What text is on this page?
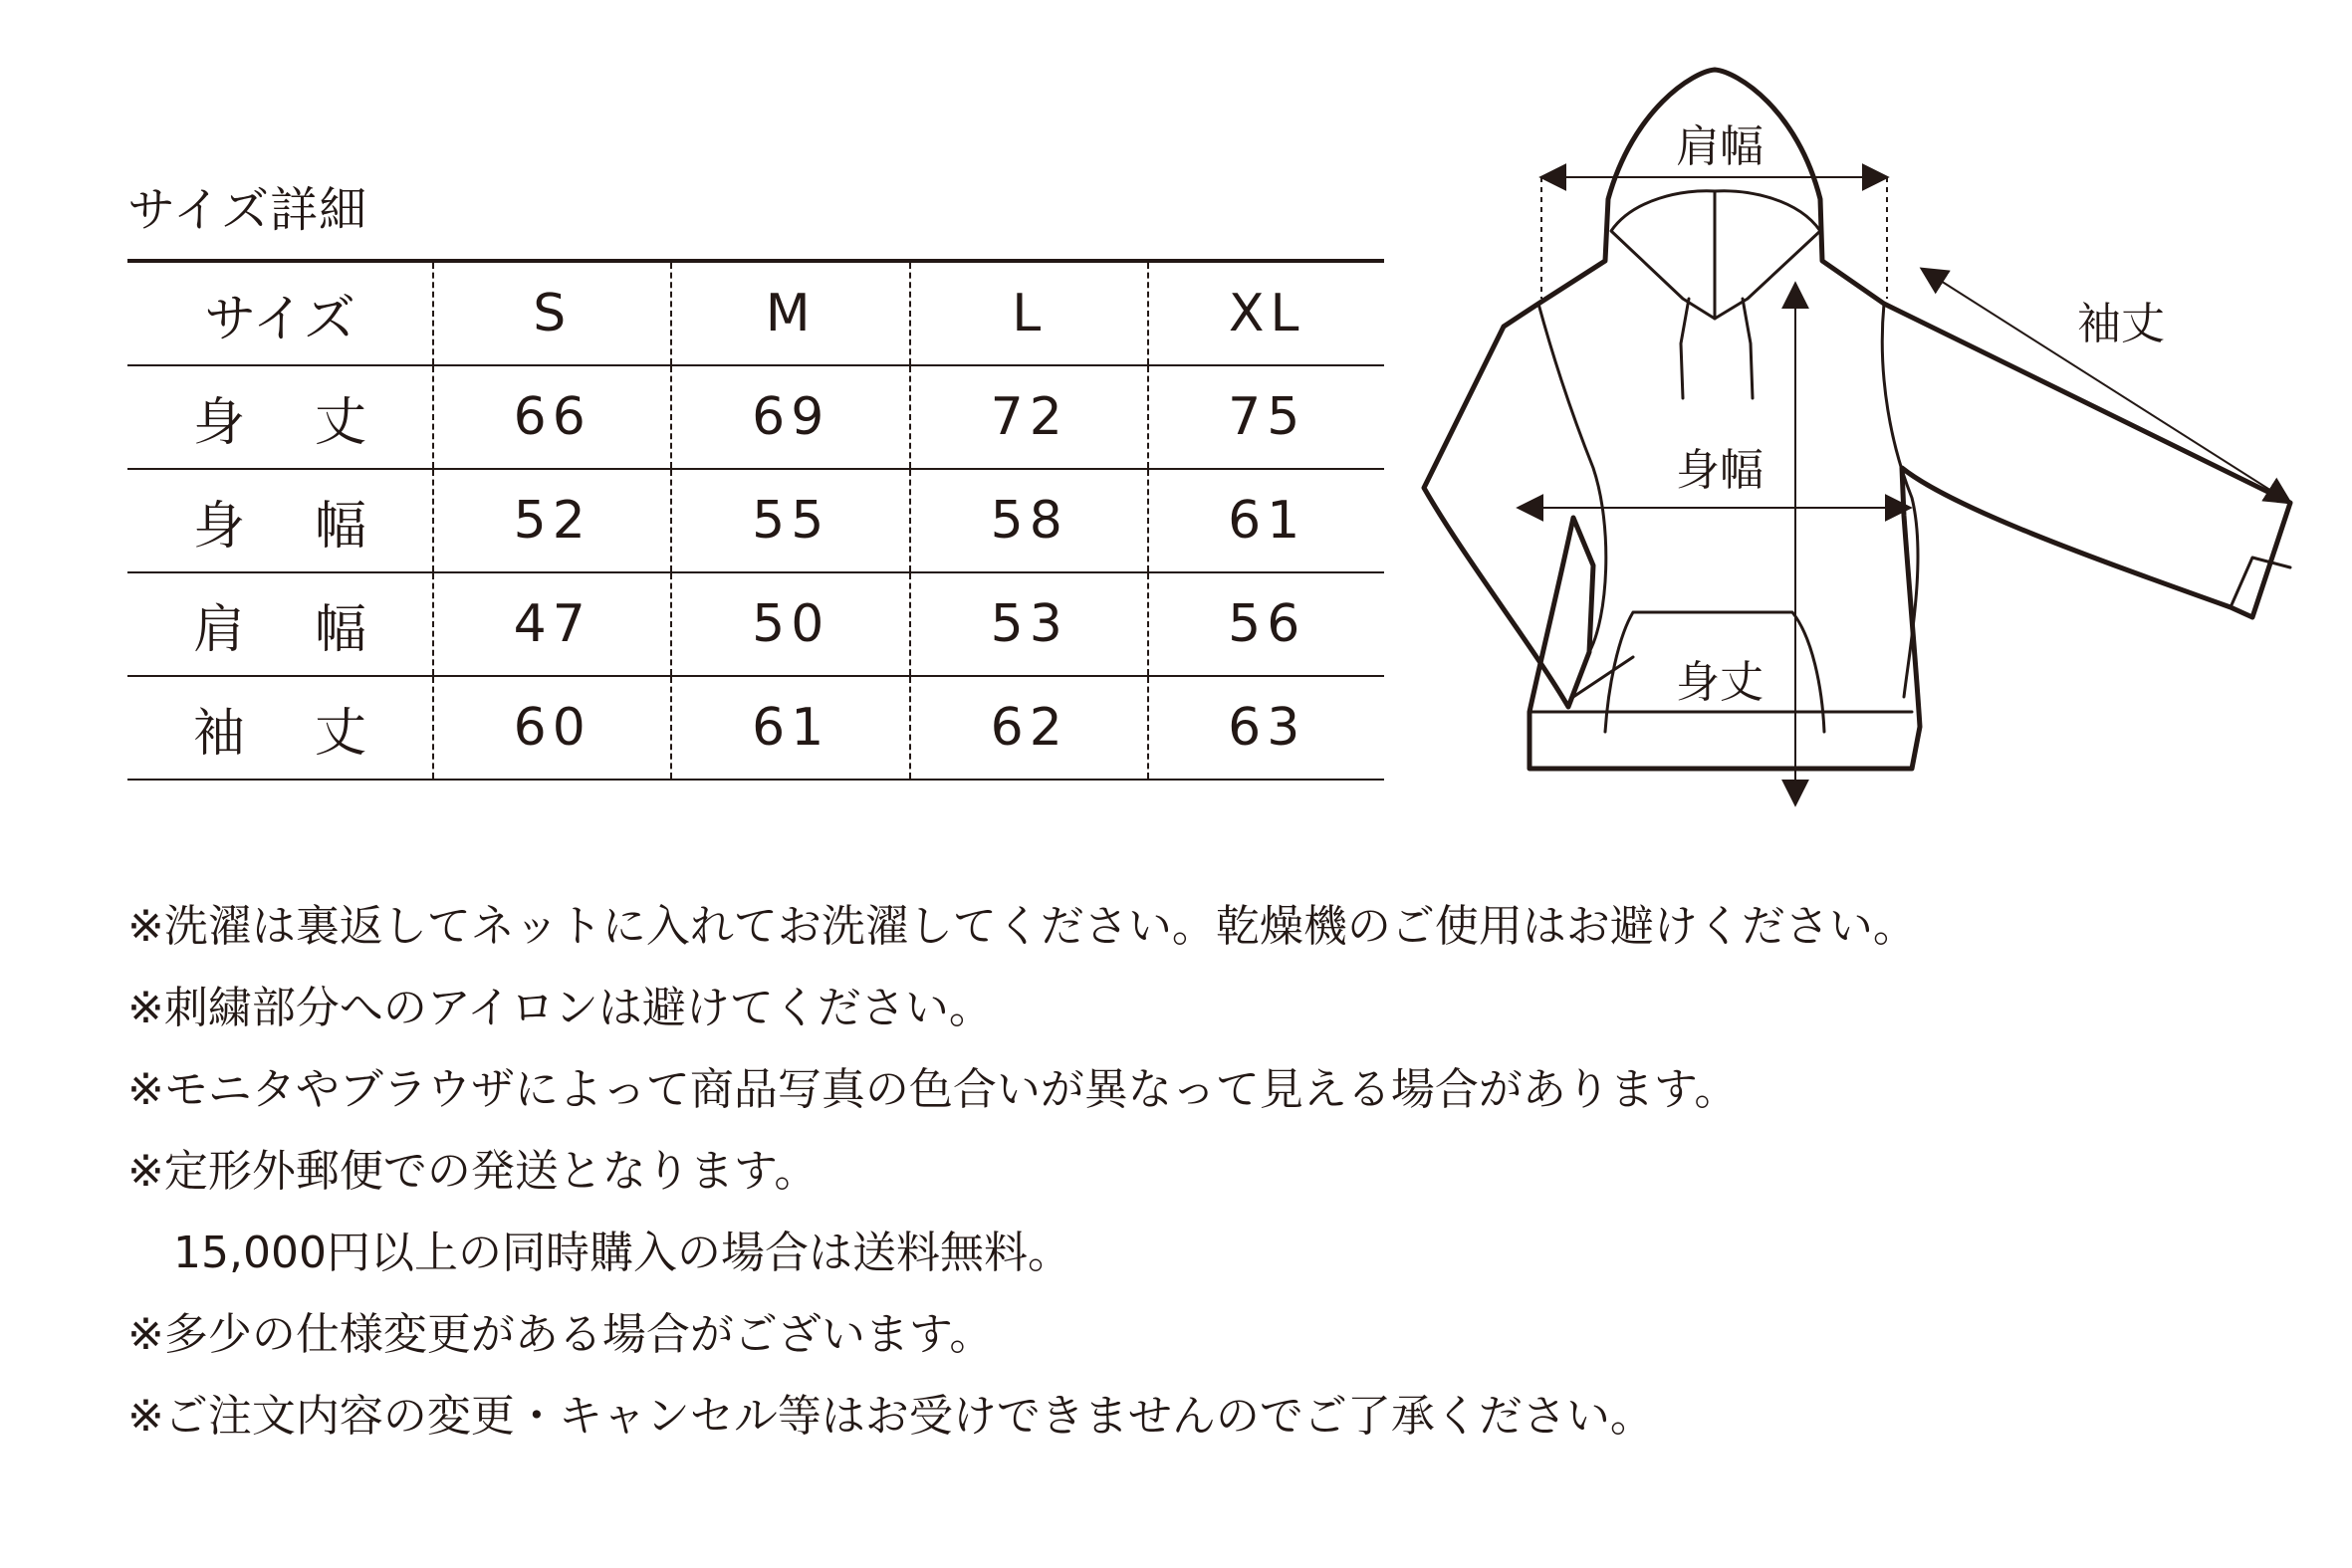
サイズ詳細
サイズ	S	M	L	XL

身 丈	66	69	72	75

身 幅	52	55	58	61

肩 幅	47	50	53	56

袖 丈	60	61	62	63
肩幅
袖丈
身幅
身丈
※洗濯は裏返してネットに入れてお洗濯してください。乾燥機のご使用はお避けください。
※刺繍部分へのアイロンは避けてください。
※モニタやブラウザによって商品写真の色合いが異なって見える場合があります。
※定形外郵便での発送となります。
15,000円以上の同時購入の場合は送料無料。
※多少の仕様変更がある場合がございます。
※ご注文内容の変更・キャンセル等はお受けできませんのでご了承ください。
